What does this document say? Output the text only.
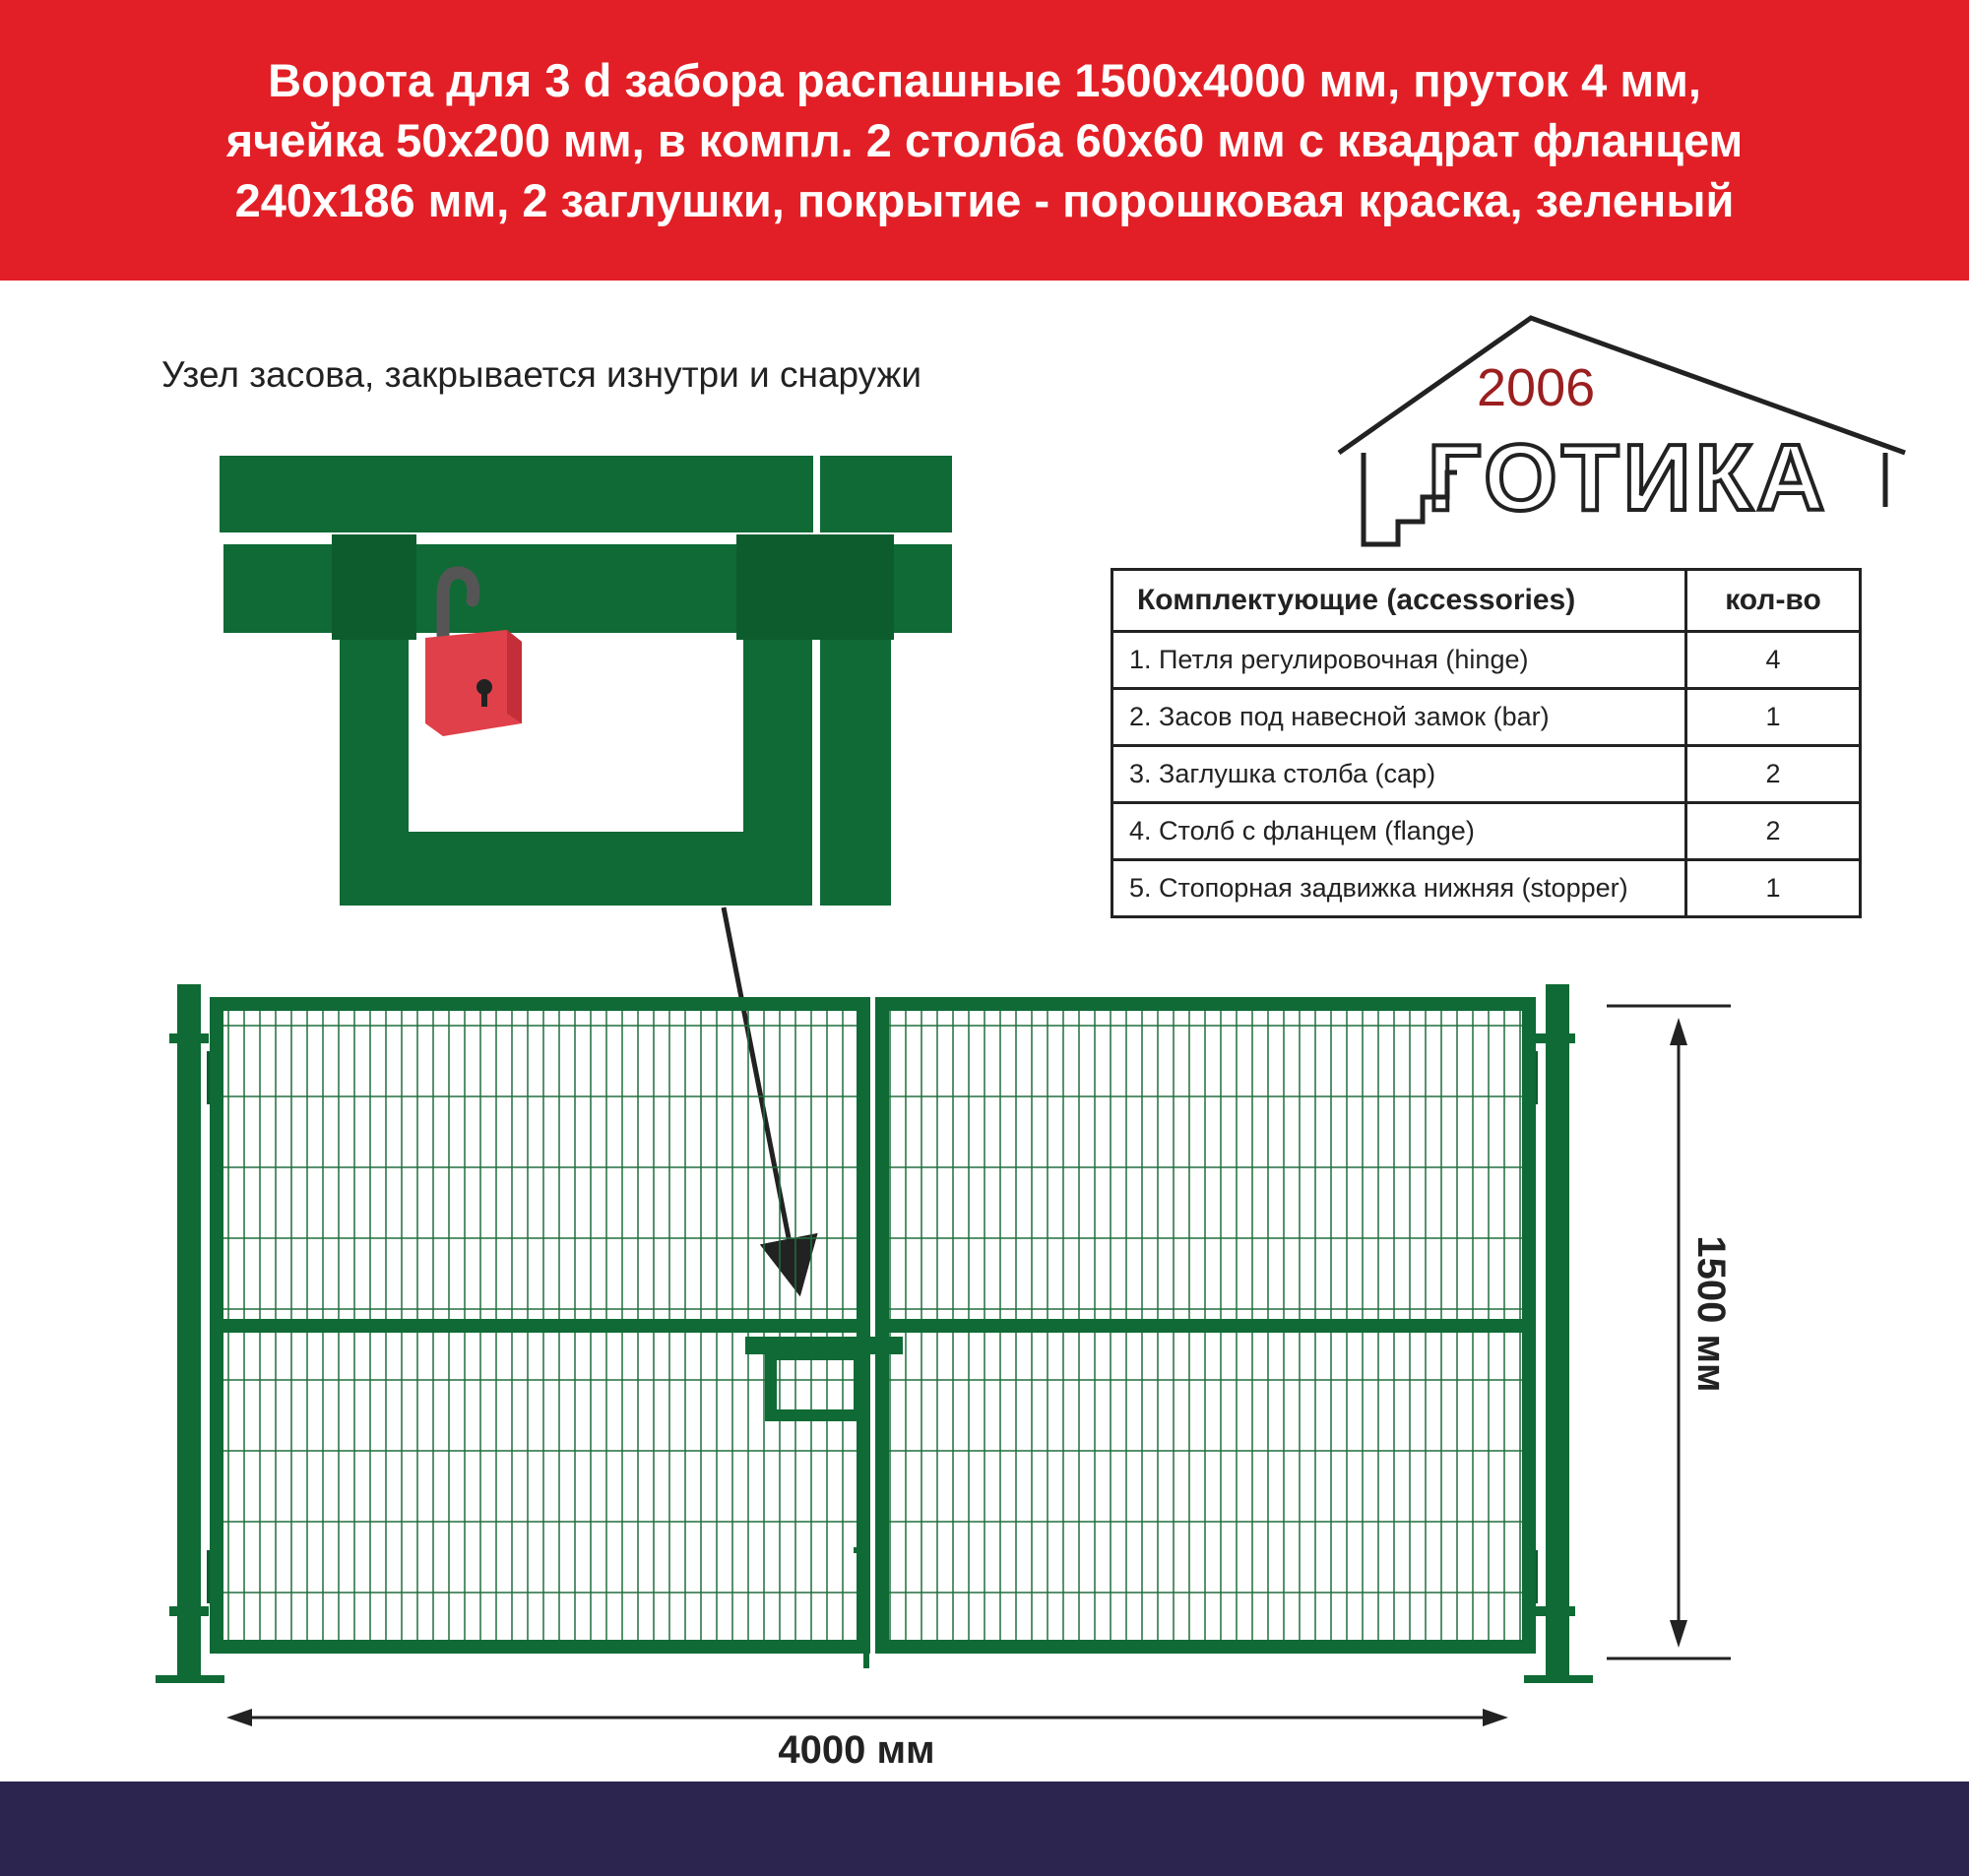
Ворота для 3 d забора распашные 1500х4000 мм, пруток 4 мм,
ячейка 50х200 мм, в компл. 2 столба 60х60 мм с квадрат фланцем
240х186 мм, 2 заглушки, покрытие - порошковая краска, зеленый
Узел засова, закрывается изнутри и снаружи	2006
ГОТИКА
Комплектующие (accessories)	кол-во
1. Петля регулировочная (hinge)	4
2. Засов под навесной замок (bar)	1
3. Заглушка столба (cap)	2
4. Столб с фланцем (flange)	2
5. Стопорная задвижка нижняя (stopper)	1
4000 мм
1500 мм
